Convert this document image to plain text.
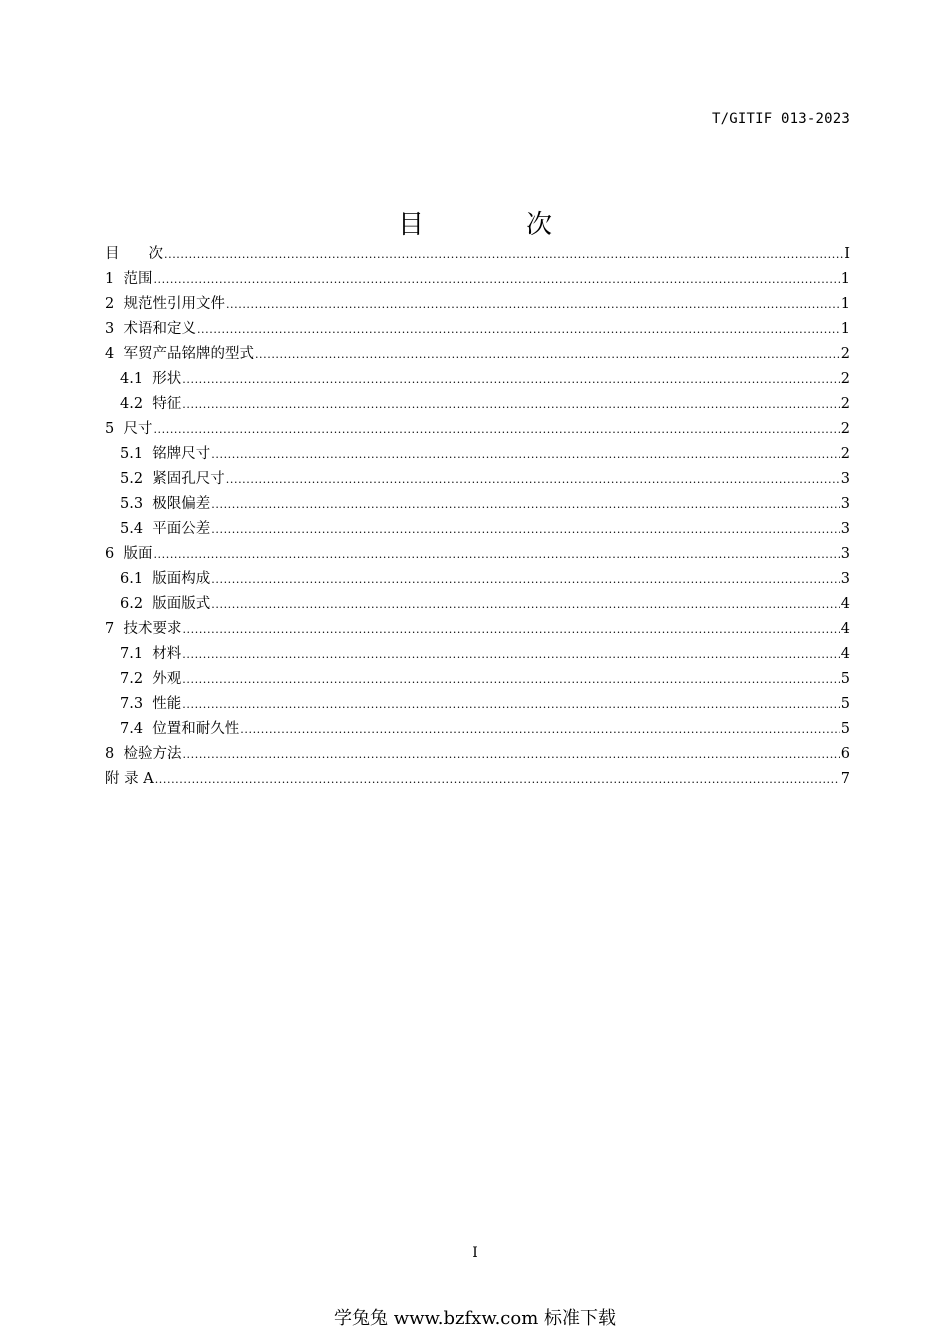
T/GITIF 013-2023
目　次
目　　次 .....	I
1  范围 .....	1
2  规范性引用文件 .....	1
3  术语和定义 .....	1
4  军贸产品铭牌的型式 .....	2
4.1  形状 .....	2
4.2  特征 .....	2
5  尺寸 .....	2
5.1  铭牌尺寸 .....	2
5.2  紧固孔尺寸 .....	3
5.3  极限偏差 .....	3
5.4  平面公差 .....	3
6  版面 .....	3
6.1  版面构成 .....	3
6.2  版面版式 .....	4
7  技术要求 .....	4
7.1  材料 .....	4
7.2  外观 .....	5
7.3  性能 .....	5
7.4  位置和耐久性 .....	5
8  检验方法 .....	6
附 录 A .....	7
I
学兔兔 www.bzfxw.com 标准下载
